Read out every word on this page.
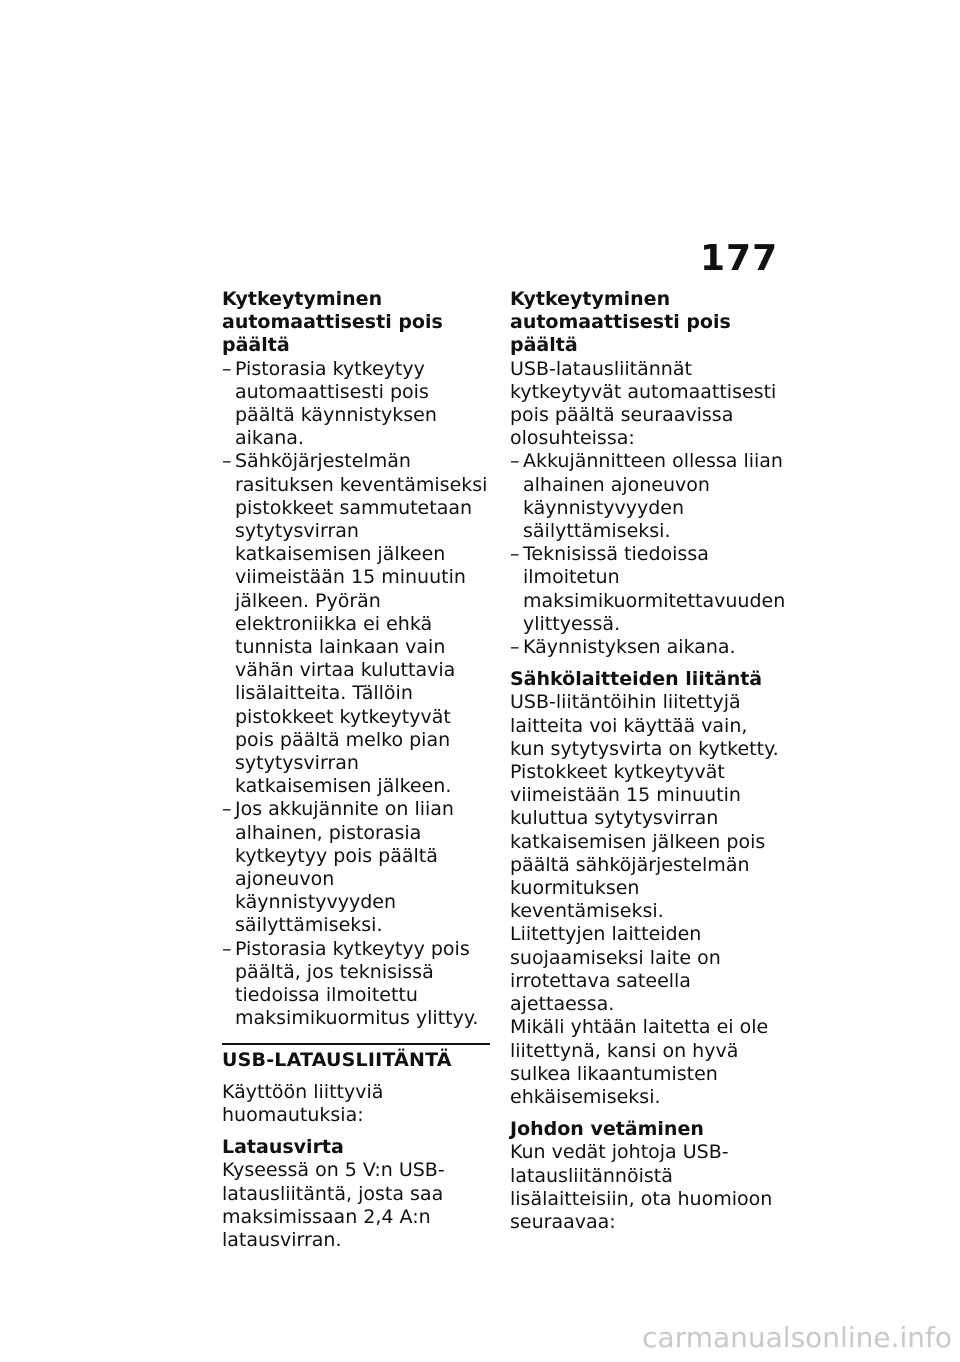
177

Kytkeytyminen automaattisesti pois päältä

– Pistorasia kytkeytyy automaattisesti pois päältä käynnistyksen aikana.
– Sähköjärjestelmän rasituksen keventämiseksi pistokkeet sammutetaan sytytysvirran katkaisemisen jälkeen viimeistään 15 minuutin jälkeen. Pyörän elektroniikka ei ehkä tunnista lainkaan vain vähän virtaa kuluttavia lisälaitteita. Tällöin pistokkeet kytkeytyvät pois päältä melko pian sytytysvirran katkaisemisen jälkeen.
– Jos akkujännite on liian alhainen, pistorasia kytkeytyy pois päältä ajoneuvon käynnistyvyyden säilyttämiseksi.
– Pistorasia kytkeytyy pois päältä, jos teknisissä tiedoissa ilmoitettu maksimikuormitus ylittyy.

USB-LATAUSLIITÄNTÄ

Käyttöön liittyviä huomautuksia:

Latausvirta

Kyseessä on 5 V:n USB-latausliitäntä, josta saa maksimissaan 2,4 A:n latausvirran.

Kytkeytyminen automaattisesti pois päältä

USB-latausliitännät kytkeytyvät automaattisesti pois päältä seuraavissa olosuhteissa:

– Akkujännitteen ollessa liian alhainen ajoneuvon käynnistyvyyden säilyttämiseksi.
– Teknisissä tiedoissa ilmoitetun maksimikuormitettavuuden ylittyessä.
– Käynnistyksen aikana.

Sähkölaitteiden liitäntä

USB-liitäntöihin liitettyjä laitteita voi käyttää vain, kun sytytysvirta on kytketty. Pistokkeet kytkeytyvät viimeistään 15 minuutin kuluttua sytytysvirran katkaisemisen jälkeen pois päältä sähköjärjestelmän kuormituksen keventämiseksi.

Liitettyjen laitteiden suojaamiseksi laite on irrotettava sateella ajettaessa.

Mikäli yhtään laitetta ei ole liitettynä, kansi on hyvä sulkea likaantumisten ehkäisemiseksi.

Johdon vetäminen

Kun vedät johtoja USB-latausliitännöistä lisälaitteisiin, ota huomioon seuraavaa:

carmanualsonline.info
